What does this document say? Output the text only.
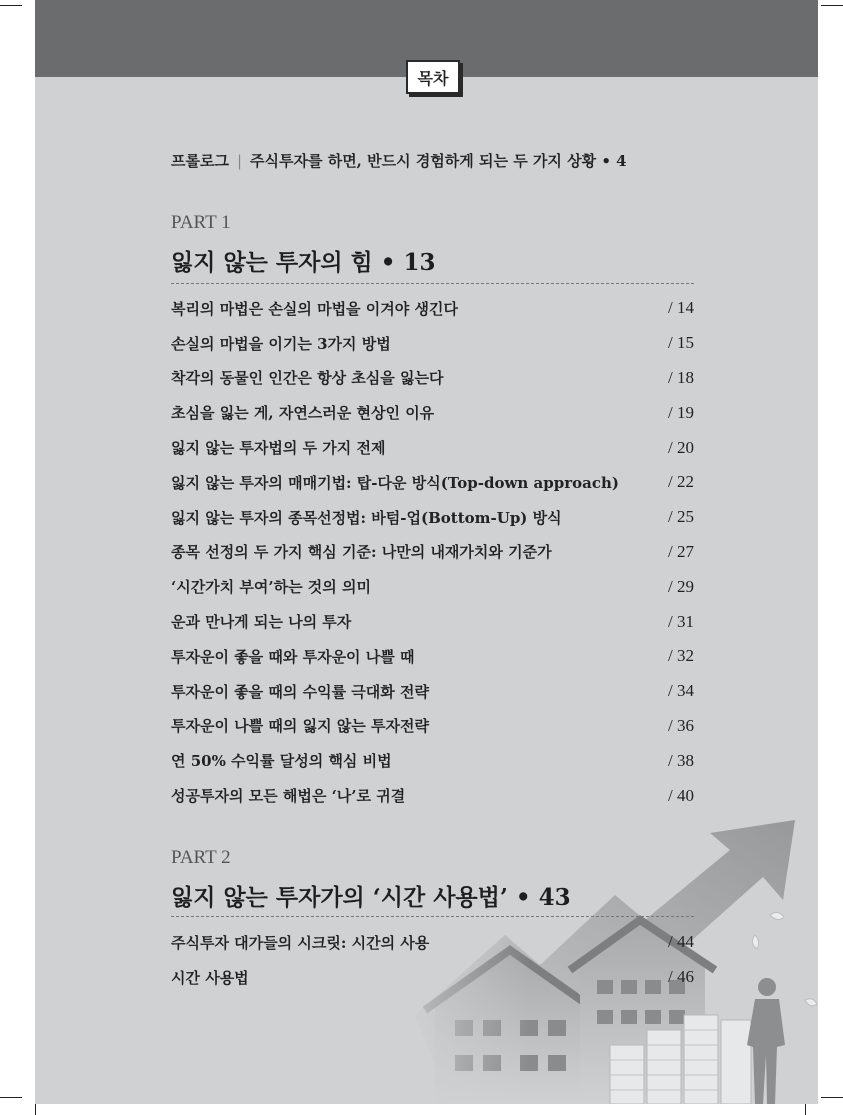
목차
프롤로그 | 주식투자를 하면, 반드시 경험하게 되는 두 가지 상황 • 4
PART 1
잃지 않는 투자의 힘 • 13
복리의 마법은 손실의 마법을 이겨야 생긴다	/ 14
손실의 마법을 이기는 3가지 방법	/ 15
착각의 동물인 인간은 항상 초심을 잃는다	/ 18
초심을 잃는 게, 자연스러운 현상인 이유	/ 19
잃지 않는 투자법의 두 가지 전제	/ 20
잃지 않는 투자의 매매기법: 탑-다운 방식(Top-down approach)	/ 22
잃지 않는 투자의 종목선정법: 바텀-업(Bottom-Up) 방식	/ 25
종목 선정의 두 가지 핵심 기준: 나만의 내재가치와 기준가	/ 27
‘시간가치 부여’하는 것의 의미	/ 29
운과 만나게 되는 나의 투자	/ 31
투자운이 좋을 때와 투자운이 나쁠 때	/ 32
투자운이 좋을 때의 수익률 극대화 전략	/ 34
투자운이 나쁠 때의 잃지 않는 투자전략	/ 36
연 50% 수익률 달성의 핵심 비법	/ 38
성공투자의 모든 해법은 ‘나’로 귀결	/ 40
PART 2
잃지 않는 투자가의 ‘시간 사용법’ • 43
주식투자 대가들의 시크릿: 시간의 사용	/ 44
시간 사용법	/ 46
